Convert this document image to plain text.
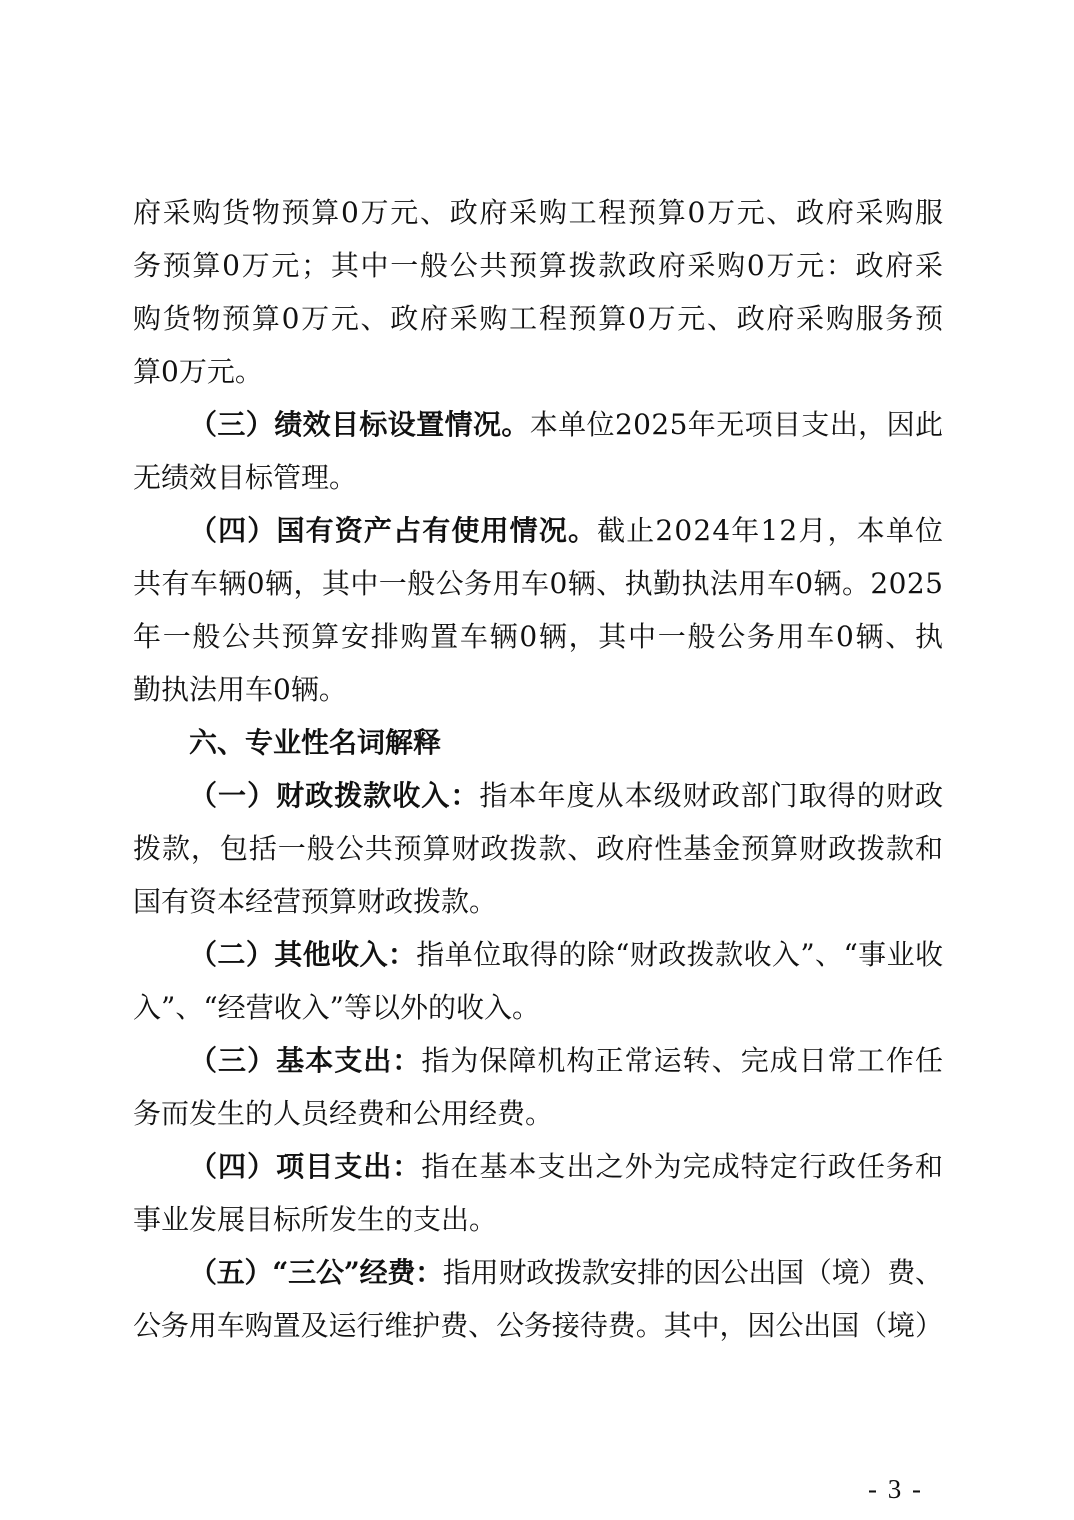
府采购货物预算0万元、政府采购工程预算0万元、政府采购服
务预算0万元；其中一般公共预算拨款政府采购0万元：政府采
购货物预算0万元、政府采购工程预算0万元、政府采购服务预
算0万元。
（三）绩效目标设置情况。本单位2025年无项目支出，因此
无绩效目标管理。
（四）国有资产占有使用情况。截止2024年12月，本单位
共有车辆0辆，其中一般公务用车0辆、执勤执法用车0辆。2025
年一般公共预算安排购置车辆0辆，其中一般公务用车0辆、执
勤执法用车0辆。
六、专业性名词解释
（一）财政拨款收入：指本年度从本级财政部门取得的财政
拨款，包括一般公共预算财政拨款、政府性基金预算财政拨款和
国有资本经营预算财政拨款。
（二）其他收入：指单位取得的除“财政拨款收入”、“事业收
入”、“经营收入”等以外的收入。
（三）基本支出：指为保障机构正常运转、完成日常工作任
务而发生的人员经费和公用经费。
（四）项目支出：指在基本支出之外为完成特定行政任务和
事业发展目标所发生的支出。
（五）“三公”经费：指用财政拨款安排的因公出国（境）费、
公务用车购置及运行维护费、公务接待费。其中，因公出国（境）
- 3 -
